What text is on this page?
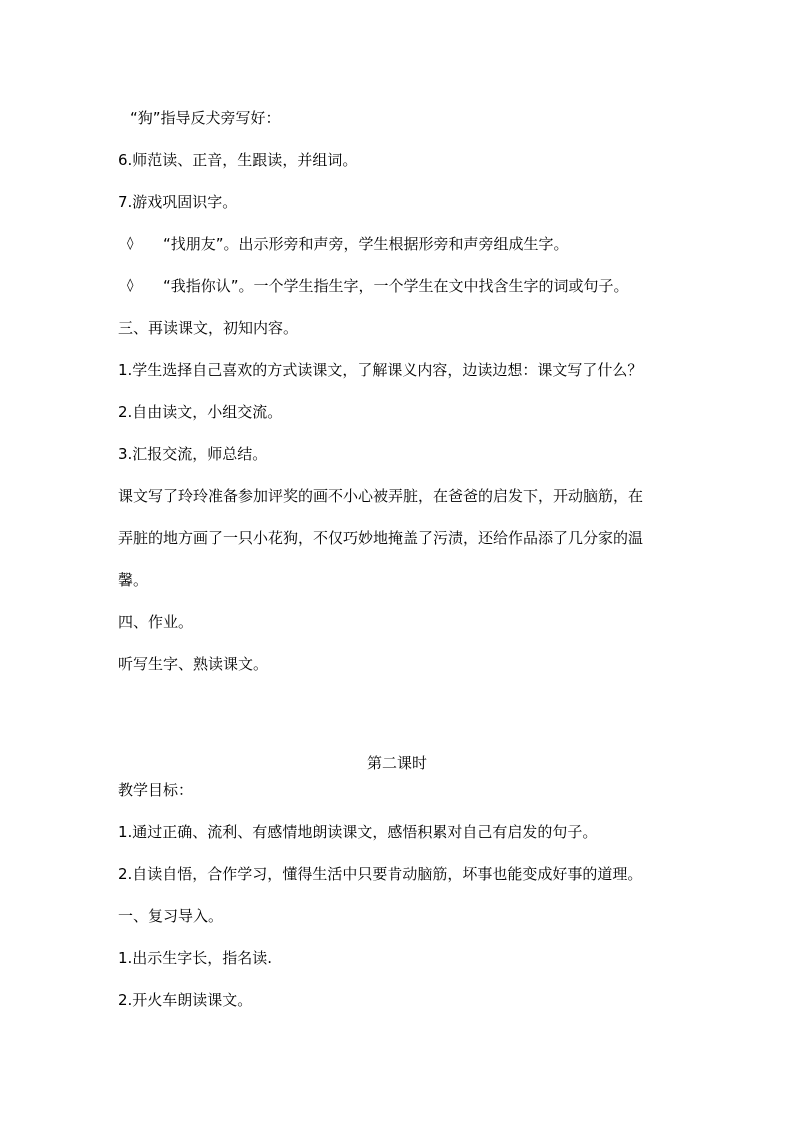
“狗”指导反犬旁写好：

6.师范读、正音，生跟读，并组词。

7.游戏巩固识字。

◊ “找朋友”。出示形旁和声旁，学生根据形旁和声旁组成生字。
◊ “我指你认”。一个学生指生字，一个学生在文中找含生字的词或句子。

三、再读课文，初知内容。

1.学生选择自己喜欢的方式读课文，了解课义内容，边读边想：课文写了什么？

2.自由读文，小组交流。

3.汇报交流，师总结。

课文写了玲玲准备参加评奖的画不小心被弄脏，在爸爸的启发下，开动脑筋，在

弄脏的地方画了一只小花狗，不仅巧妙地掩盖了污渍，还给作品添了几分家的温

馨。

四、作业。

听写生字、熟读课文。

第二课时

教学目标：

1.通过正确、流利、有感情地朗读课文，感悟积累对自己有启发的句子。

2.自读自悟，合作学习，懂得生活中只要肯动脑筋，坏事也能变成好事的道理。

一、复习导入。

1.出示生字长，指名读.

2.开火车朗读课文。
